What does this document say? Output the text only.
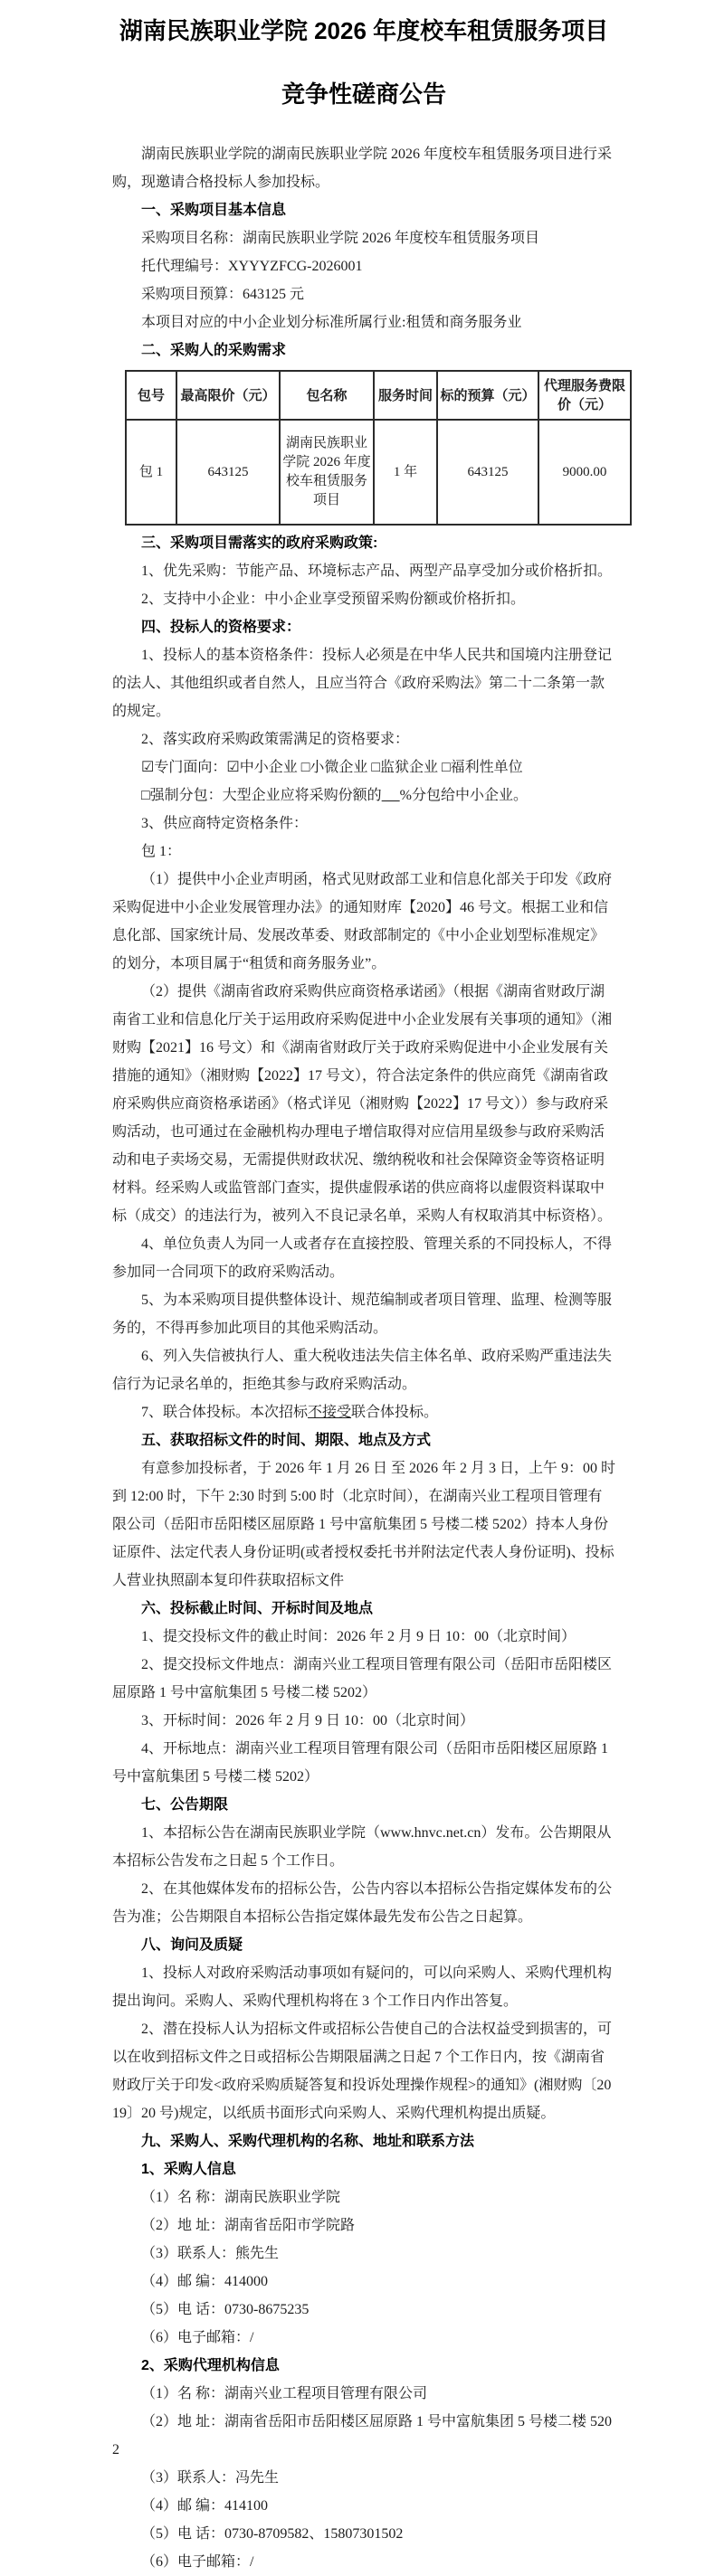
湖南民族职业学院 2026 年度校车租赁服务项目
竞争性磋商公告

湖南民族职业学院的湖南民族职业学院 2026 年度校车租赁服务项目进行采购，现邀请合格投标人参加投标。

一、采购项目基本信息

采购项目名称：湖南民族职业学院 2026 年度校车租赁服务项目

托代理编号：XYYYZFCG-2026001

采购项目预算：643125 元

本项目对应的中小企业划分标准所属行业:租赁和商务服务业

二、采购人的采购需求

包号	最高限价（元）	包名称	服务时间	标的预算（元）	代理服务费限价（元）
包 1	643125	湖南民族职业学院 2026 年度校车租赁服务项目	1 年	643125	9000.00

三、采购项目需落实的政府采购政策:

1、优先采购：节能产品、环境标志产品、两型产品享受加分或价格折扣。

2、支持中小企业：中小企业享受预留采购份额或价格折扣。

四、投标人的资格要求：

1、投标人的基本资格条件：投标人必须是在中华人民共和国境内注册登记的法人、其他组织或者自然人，且应当符合《政府采购法》第二十二条第一款的规定。

2、落实政府采购政策需满足的资格要求：

☑专门面向：☑中小企业 □小微企业 □监狱企业 □福利性单位

□强制分包：大型企业应将采购份额的 %分包给中小企业。

3、供应商特定资格条件：

包 1：

（1）提供中小企业声明函，格式见财政部工业和信息化部关于印发《政府采购促进中小企业发展管理办法》的通知财库【2020】46 号文。根据工业和信息化部、国家统计局、发展改革委、财政部制定的《中小企业划型标准规定》的划分，本项目属于“租赁和商务服务业”。

（2）提供《湖南省政府采购供应商资格承诺函》（根据《湖南省财政厅湖南省工业和信息化厅关于运用政府采购促进中小企业发展有关事项的通知》（湘财购【2021】16 号文）和《湖南省财政厅关于政府采购促进中小企业发展有关措施的通知》（湘财购【2022】17 号文），符合法定条件的供应商凭《湖南省政府采购供应商资格承诺函》（格式详见（湘财购【2022】17 号文））参与政府采购活动，也可通过在金融机构办理电子增信取得对应信用星级参与政府采购活动和电子卖场交易，无需提供财政状况、缴纳税收和社会保障资金等资格证明材料。经采购人或监管部门查实，提供虚假承诺的供应商将以虚假资料谋取中标（成交）的违法行为，被列入不良记录名单，采购人有权取消其中标资格）。

4、单位负责人为同一人或者存在直接控股、管理关系的不同投标人，不得参加同一合同项下的政府采购活动。

5、为本采购项目提供整体设计、规范编制或者项目管理、监理、检测等服务的，不得再参加此项目的其他采购活动。

6、列入失信被执行人、重大税收违法失信主体名单、政府采购严重违法失信行为记录名单的，拒绝其参与政府采购活动。

7、联合体投标。本次招标不接受联合体投标。

五、获取招标文件的时间、期限、地点及方式

有意参加投标者，于 2026 年 1 月 26 日 至 2026 年 2 月 3 日，上午 9：00 时到 12:00 时，下午 2:30 时到 5:00 时（北京时间），在湖南兴业工程项目管理有限公司（岳阳市岳阳楼区屈原路 1 号中富航集团 5 号楼二楼 5202）持本人身份证原件、法定代表人身份证明(或者授权委托书并附法定代表人身份证明)、投标人营业执照副本复印件获取招标文件

六、投标截止时间、开标时间及地点

1、提交投标文件的截止时间：2026 年 2 月 9 日 10：00（北京时间）

2、提交投标文件地点：湖南兴业工程项目管理有限公司（岳阳市岳阳楼区屈原路 1 号中富航集团 5 号楼二楼 5202）

3、开标时间：2026 年 2 月 9 日 10：00（北京时间）

4、开标地点：湖南兴业工程项目管理有限公司（岳阳市岳阳楼区屈原路 1 号中富航集团 5 号楼二楼 5202）

七、公告期限

1、本招标公告在湖南民族职业学院（www.hnvc.net.cn）发布。公告期限从本招标公告发布之日起 5 个工作日。

2、在其他媒体发布的招标公告，公告内容以本招标公告指定媒体发布的公告为准；公告期限自本招标公告指定媒体最先发布公告之日起算。

八、询问及质疑

1、投标人对政府采购活动事项如有疑问的，可以向采购人、采购代理机构提出询问。采购人、采购代理机构将在 3 个工作日内作出答复。

2、潜在投标人认为招标文件或招标公告使自己的合法权益受到损害的，可以在收到招标文件之日或招标公告期限届满之日起 7 个工作日内，按《湖南省财政厅关于印发<政府采购质疑答复和投诉处理操作规程>的通知》(湘财购〔2019〕20 号)规定，以纸质书面形式向采购人、采购代理机构提出质疑。

九、采购人、采购代理机构的名称、地址和联系方法

1、采购人信息

（1）名 称：湖南民族职业学院

（2）地 址：湖南省岳阳市学院路

（3）联系人：熊先生

（4）邮 编：414000

（5）电 话：0730-8675235

（6）电子邮箱：/

2、采购代理机构信息

（1）名 称：湖南兴业工程项目管理有限公司

（2）地 址：湖南省岳阳市岳阳楼区屈原路 1 号中富航集团 5 号楼二楼 5202

（3）联系人：冯先生

（4）邮 编：414100

（5）电 话：0730-8709582、15807301502

（6）电子邮箱：/
